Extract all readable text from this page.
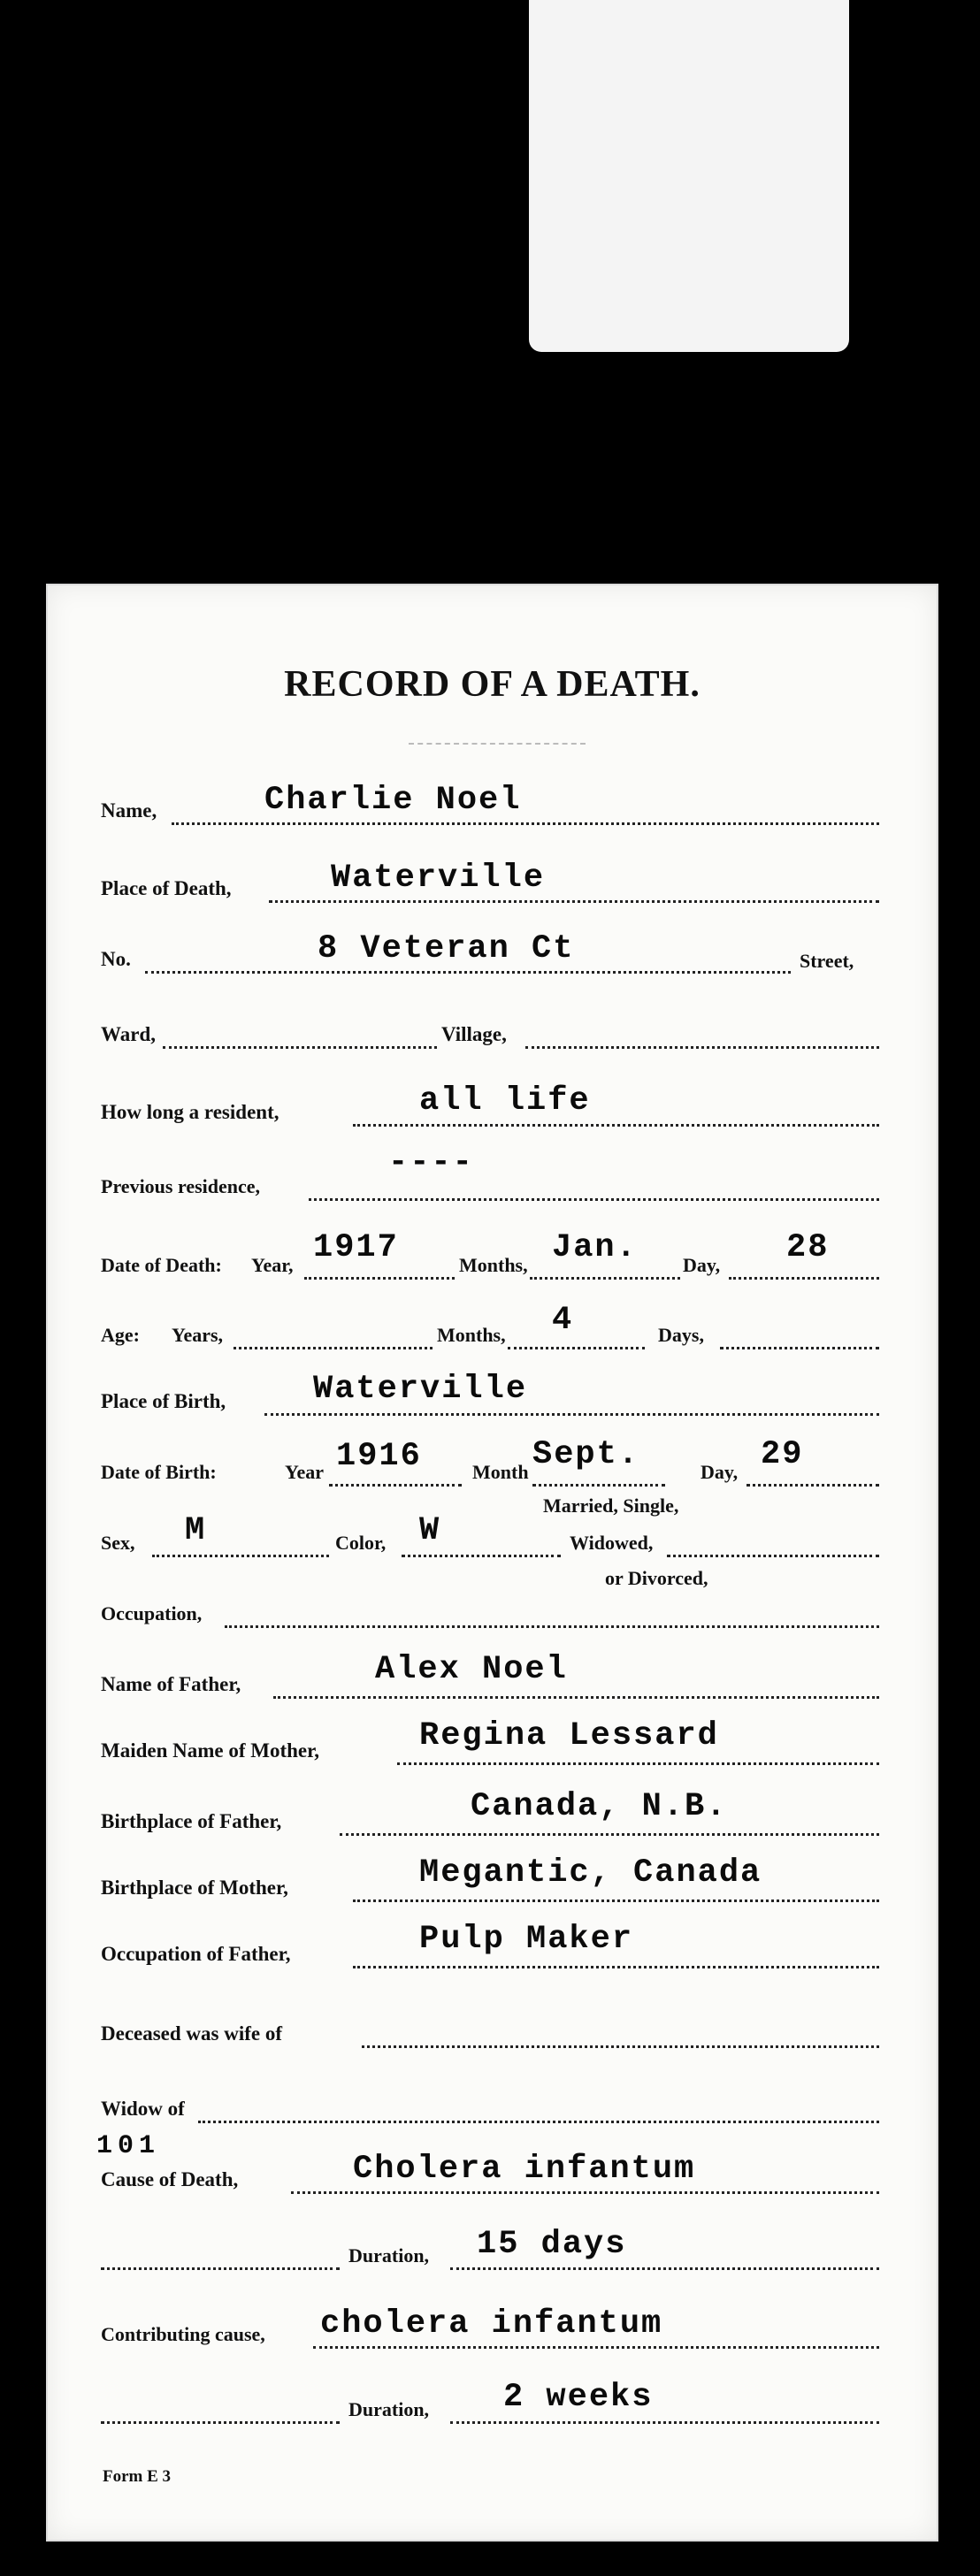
RECORD OF A DEATH.
Name,	Charlie Noel
Place of Death,	Waterville
No.	8 Veteran Ct	Street,
Ward,	Village,
How long a resident,	all life
Previous residence,
----
Date of Death: Year, 1917	Months, Jan. Day, 28
Age: Years,	Months, 4	Days,
Place of Birth,	Waterville
Date of Birth:	Year 1916	Month Sept.	Day, 29
Married, Single,
Sex, M	Color, W	Widowed,
or Divorced,
Occupation,
Name of Father,	Alex Noel
Maiden Name of Mother,	Regina Lessard
Birthplace of Father,	Canada, N.B.
Birthplace of Mother,	Megantic, Canada
Occupation of Father,	Pulp Maker
Deceased was wife of
Widow of
101
Cause of Death,	Cholera infantum
Duration, 15 days
Contributing cause, cholera infantum
Duration, 2 weeks
Form E 3
